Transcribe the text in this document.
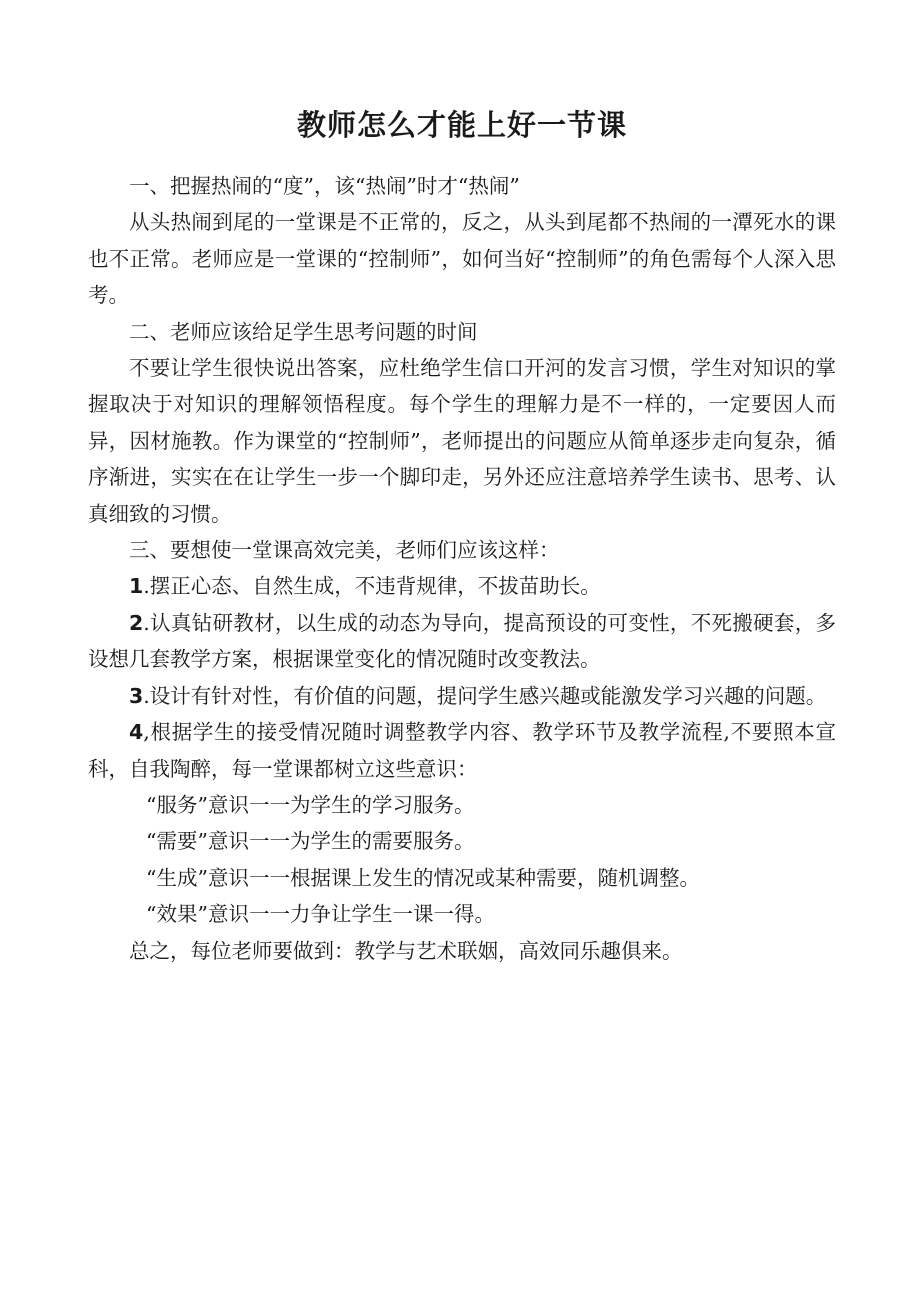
教师怎么才能上好一节课

一、把握热闹的“度”，该“热闹”时才“热闹”

从头热闹到尾的一堂课是不正常的，反之，从头到尾都不热闹的一潭死水的课也不正常。老师应是一堂课的“控制师”，如何当好“控制师”的角色需每个人深入思考。

二、老师应该给足学生思考问题的时间

不要让学生很快说出答案，应杜绝学生信口开河的发言习惯，学生对知识的掌握取决于对知识的理解领悟程度。每个学生的理解力是不一样的，一定要因人而异，因材施教。作为课堂的“控制师”，老师提出的问题应从简单逐步走向复杂，循序渐进，实实在在让学生一步一个脚印走，另外还应注意培养学生读书、思考、认真细致的习惯。

三、要想使一堂课高效完美，老师们应该这样：

1.摆正心态、自然生成，不违背规律，不拔苗助长。

2.认真钻研教材，以生成的动态为导向，提高预设的可变性，不死搬硬套，多设想几套教学方案，根据课堂变化的情况随时改变教法。

3.设计有针对性，有价值的问题，提问学生感兴趣或能激发学习兴趣的问题。

4,根据学生的接受情况随时调整教学内容、教学环节及教学流程,不要照本宣科，自我陶醉，每一堂课都树立这些意识：

“服务”意识一一为学生的学习服务。

“需要”意识一一为学生的需要服务。

“生成”意识一一根据课上发生的情况或某种需要，随机调整。

“效果”意识一一力争让学生一课一得。

总之，每位老师要做到：教学与艺术联姻，高效同乐趣俱来。
